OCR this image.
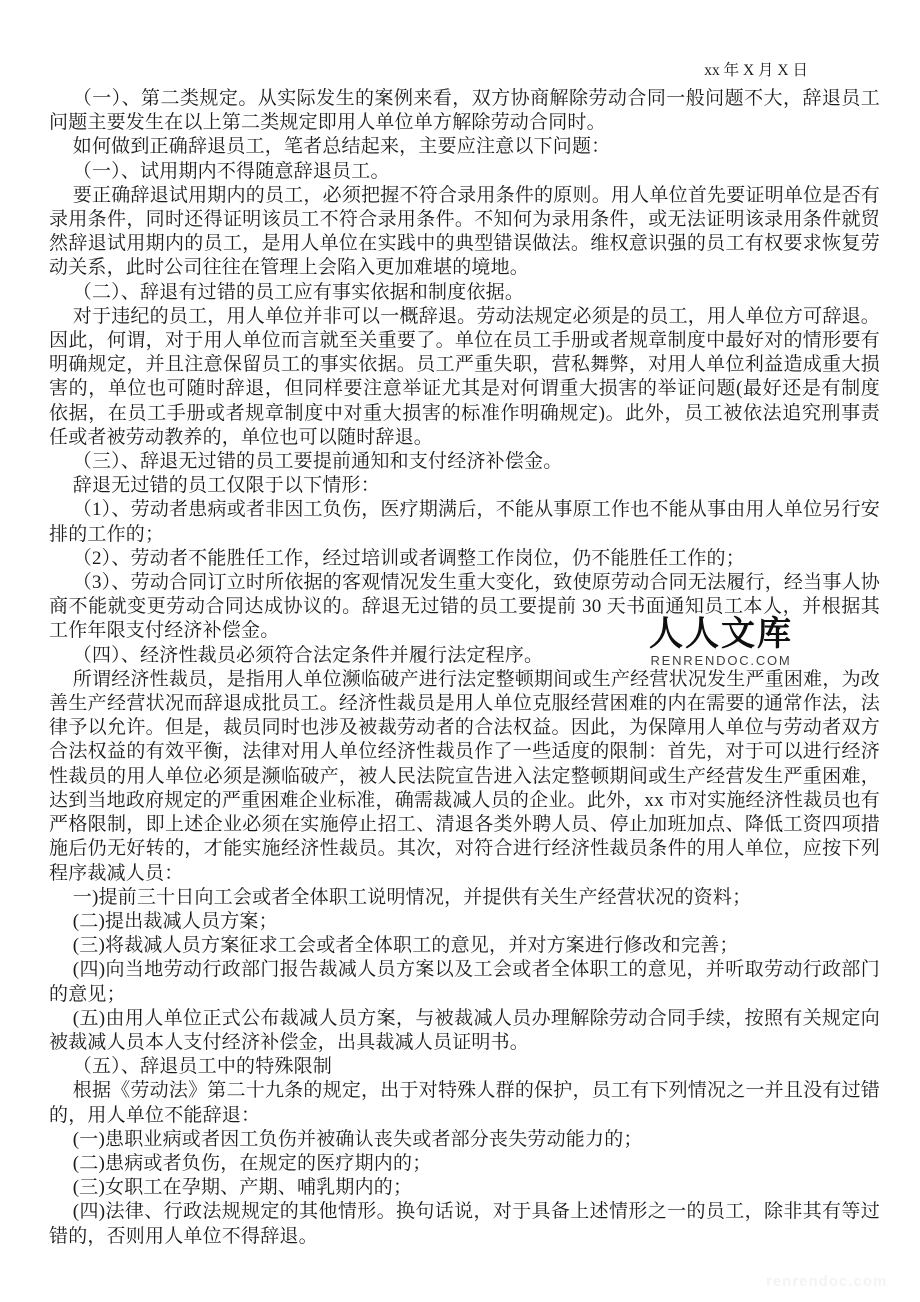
xx 年 X 月 X 日

（一）、第二类规定。从实际发生的案例来看，双方协商解除劳动合同一般问题不大，辞退员工问题主要发生在以上第二类规定即用人单位单方解除劳动合同时。

如何做到正确辞退员工，笔者总结起来，主要应注意以下问题：

（一）、试用期内不得随意辞退员工。

要正确辞退试用期内的员工，必须把握不符合录用条件的原则。用人单位首先要证明单位是否有录用条件，同时还得证明该员工不符合录用条件。不知何为录用条件，或无法证明该录用条件就贸然辞退试用期内的员工，是用人单位在实践中的典型错误做法。维权意识强的员工有权要求恢复劳动关系，此时公司往往在管理上会陷入更加难堪的境地。

（二）、辞退有过错的员工应有事实依据和制度依据。

对于违纪的员工，用人单位并非可以一概辞退。劳动法规定必须是的员工，用人单位方可辞退。因此，何谓，对于用人单位而言就至关重要了。单位在员工手册或者规章制度中最好对的情形要有明确规定，并且注意保留员工的事实依据。员工严重失职，营私舞弊，对用人单位利益造成重大损害的，单位也可随时辞退，但同样要注意举证尤其是对何谓重大损害的举证问题(最好还是有制度依据，在员工手册或者规章制度中对重大损害的标准作明确规定)。此外，员工被依法追究刑事责任或者被劳动教养的，单位也可以随时辞退。

（三）、辞退无过错的员工要提前通知和支付经济补偿金。

辞退无过错的员工仅限于以下情形：

（1）、劳动者患病或者非因工负伤，医疗期满后，不能从事原工作也不能从事由用人单位另行安排的工作的；

（2）、劳动者不能胜任工作，经过培训或者调整工作岗位，仍不能胜任工作的；

（3）、劳动合同订立时所依据的客观情况发生重大变化，致使原劳动合同无法履行，经当事人协商不能就变更劳动合同达成协议的。辞退无过错的员工要提前 30 天书面通知员工本人，并根据其工作年限支付经济补偿金。

（四）、经济性裁员必须符合法定条件并履行法定程序。

所谓经济性裁员，是指用人单位濒临破产进行法定整顿期间或生产经营状况发生严重困难，为改善生产经营状况而辞退成批员工。经济性裁员是用人单位克服经营困难的内在需要的通常作法，法律予以允许。但是，裁员同时也涉及被裁劳动者的合法权益。因此，为保障用人单位与劳动者双方合法权益的有效平衡，法律对用人单位经济性裁员作了一些适度的限制：首先，对于可以进行经济性裁员的用人单位必须是濒临破产，被人民法院宣告进入法定整顿期间或生产经营发生严重困难，达到当地政府规定的严重困难企业标准，确需裁减人员的企业。此外，xx 市对实施经济性裁员也有严格限制，即上述企业必须在实施停止招工、清退各类外聘人员、停止加班加点、降低工资四项措施后仍无好转的，才能实施经济性裁员。其次，对符合进行经济性裁员条件的用人单位，应按下列程序裁减人员：

一)提前三十日向工会或者全体职工说明情况，并提供有关生产经营状况的资料；

(二)提出裁减人员方案；

(三)将裁减人员方案征求工会或者全体职工的意见，并对方案进行修改和完善；

(四)向当地劳动行政部门报告裁减人员方案以及工会或者全体职工的意见，并听取劳动行政部门的意见；

(五)由用人单位正式公布裁减人员方案，与被裁减人员办理解除劳动合同手续，按照有关规定向被裁减人员本人支付经济补偿金，出具裁减人员证明书。

（五）、辞退员工中的特殊限制

根据《劳动法》第二十九条的规定，出于对特殊人群的保护，员工有下列情况之一并且没有过错的，用人单位不能辞退：

(一)患职业病或者因工负伤并被确认丧失或者部分丧失劳动能力的；

(二)患病或者负伤，在规定的医疗期内的；

(三)女职工在孕期、产期、哺乳期内的；

(四)法律、行政法规规定的其他情形。换句话说，对于具备上述情形之一的员工，除非其有等过错的，否则用人单位不得辞退。

人人文库
RENRENDOC.COM
renrendoc.com
